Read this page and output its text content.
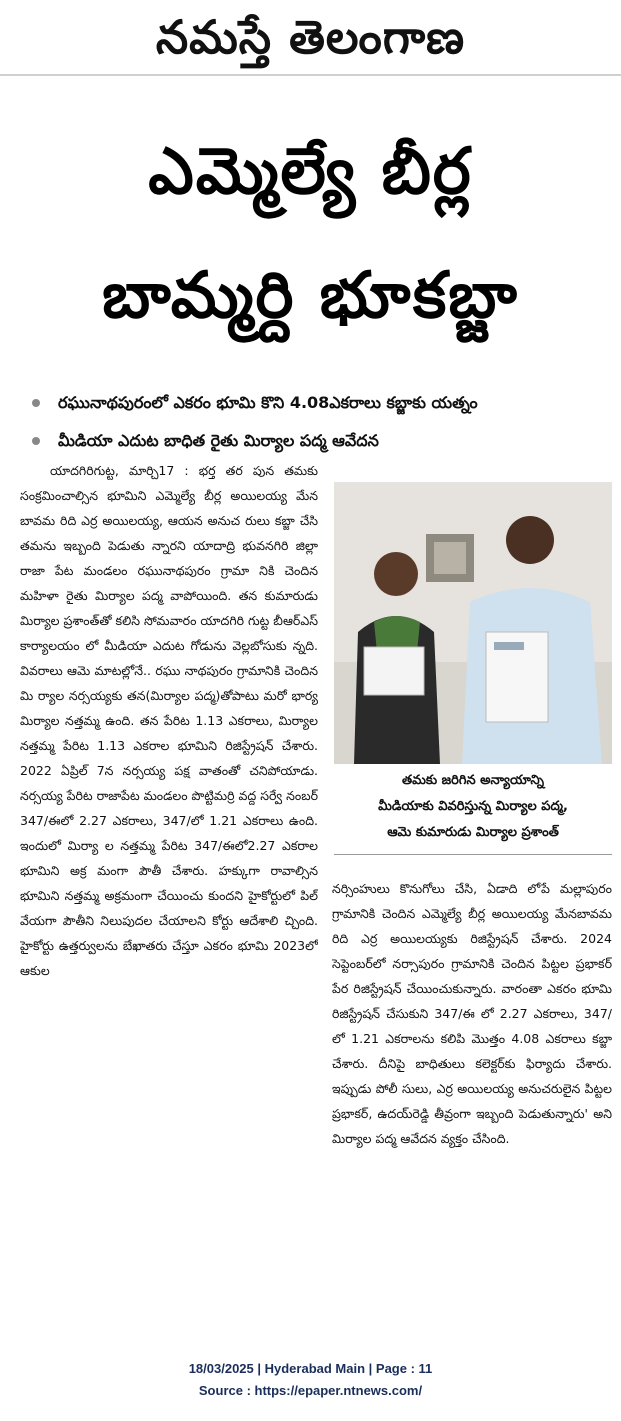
నమస్తే తెలంగాణ
ఎమ్మెల్యే బీర్ల
బామ్మర్ది భూకబ్జా
రఘునాథపురంలో ఎకరం భూమి కొని 4.08ఎకరాలు కబ్జాకు యత్నం
మీడియా ఎదుట బాధిత రైతు మిర్యాల పద్మ ఆవేదన

యాదగిరిగుట్ట, మార్చి17 : భర్త తర పున తమకు సంక్రమించాల్సిన భూమిని ఎమ్మెల్యే బీర్ల అయిలయ్య మేన బావమ రిది ఎర్ర అయిలయ్య, ఆయన అనుచ రులు కబ్జా చేసి తమను ఇబ్బంది పెడుతు న్నారని యాదాద్రి భువనగిరి జిల్లా రాజా పేట మండలం రఘునాథపురం గ్రామా నికి చెందిన మహిళా రైతు మిర్యాల పద్మ వాపోయింది. తన కుమారుడు మిర్యాల ప్రశాంత్‌తో కలిసి సోమవారం యాదగిరి గుట్ట బీఆర్‌ఎస్ కార్యాలయం లో మీడియా ఎదుట గోడును వెల్లబోసుకు న్నది. వివరాలు ఆమె మాటల్లోనే.. రఘు నాథపురం గ్రామానికి చెందిన మి ర్యాల నర్సయ్యకు తన(మిర్యాల పద్మ)తోపాటు మరో భార్య మిర్యాల నత్తమ్మ ఉంది. తన పేరిట 1.13 ఎకరాలు, మిర్యాల నత్తమ్మ పేరిట 1.13 ఎకరాల భూమిని రిజిస్ట్రేషన్ చేశారు. 2022 ఏప్రిల్ 7న నర్సయ్య పక్ష వాతంతో చనిపోయాడు. నర్సయ్య పేరిట రాజాపేట మండలం పొట్టిమర్రి వద్ద సర్వే నంబర్ 347/ఈలో 2.27 ఎకరాలు, 347/లో 1.21 ఎకరాలు ఉంది. ఇందులో మిర్యా ల నత్తమ్మ పేరిట 347/ఈలో2.27 ఎకరాల భూమిని అక్ర మంగా పౌతీ చేశారు. హక్కుగా రావాల్సిన భూమిని నత్తమ్మ అక్రమంగా చేయించు కుందని హైకోర్టులో పిల్ వేయగా పౌతీని నిలుపుదల చేయాలని కోర్టు ఆదేశాలి చ్చింది. హైకోర్టు ఉత్తర్వులను బేఖాతరు చేస్తూ ఎకరం భూమి 2023లో ఆకుల

తమకు జరిగిన అన్యాయాన్ని
మీడియాకు వివరిస్తున్న మిర్యాల పద్మ,
ఆమె కుమారుడు మిర్యాల ప్రశాంత్

నర్సింహులు కొనుగోలు చేసి, ఏడాది లోపే మల్లాపురం గ్రామానికి చెందిన ఎమ్మెల్యే బీర్ల అయిలయ్య మేనబావమ రిది ఎర్ర అయిలయ్యకు రిజిస్ట్రేషన్ చేశారు. 2024 సెప్టెంబర్‌లో నర్సాపురం గ్రామానికి చెందిన పిట్టల ప్రభాకర్ పేర రిజిస్ట్రేషన్ చేయించుకున్నారు. వారంతా ఎకరం భూమి రిజిస్ట్రేషన్ చేసుకుని 347/ఈ లో 2.27 ఎకరాలు, 347/లో 1.21 ఎకరాలను కలిపి మొత్తం 4.08 ఎకరాలు కబ్జా చేశారు. దీనిపై బాధితులు కలెక్టర్‌కు ఫిర్యాదు చేశారు. ఇప్పుడు పోలీ సులు, ఎర్ర అయిలయ్య అనుచరులైన పిట్టల ప్రభాకర్, ఉదయ్‌రెడ్డి తీవ్రంగా ఇబ్బంది పెడుతున్నారు' అని మిర్యాల పద్మ ఆవేదన వ్యక్తం చేసింది.

18/03/2025 | Hyderabad Main | Page : 11
Source : https://epaper.ntnews.com/
